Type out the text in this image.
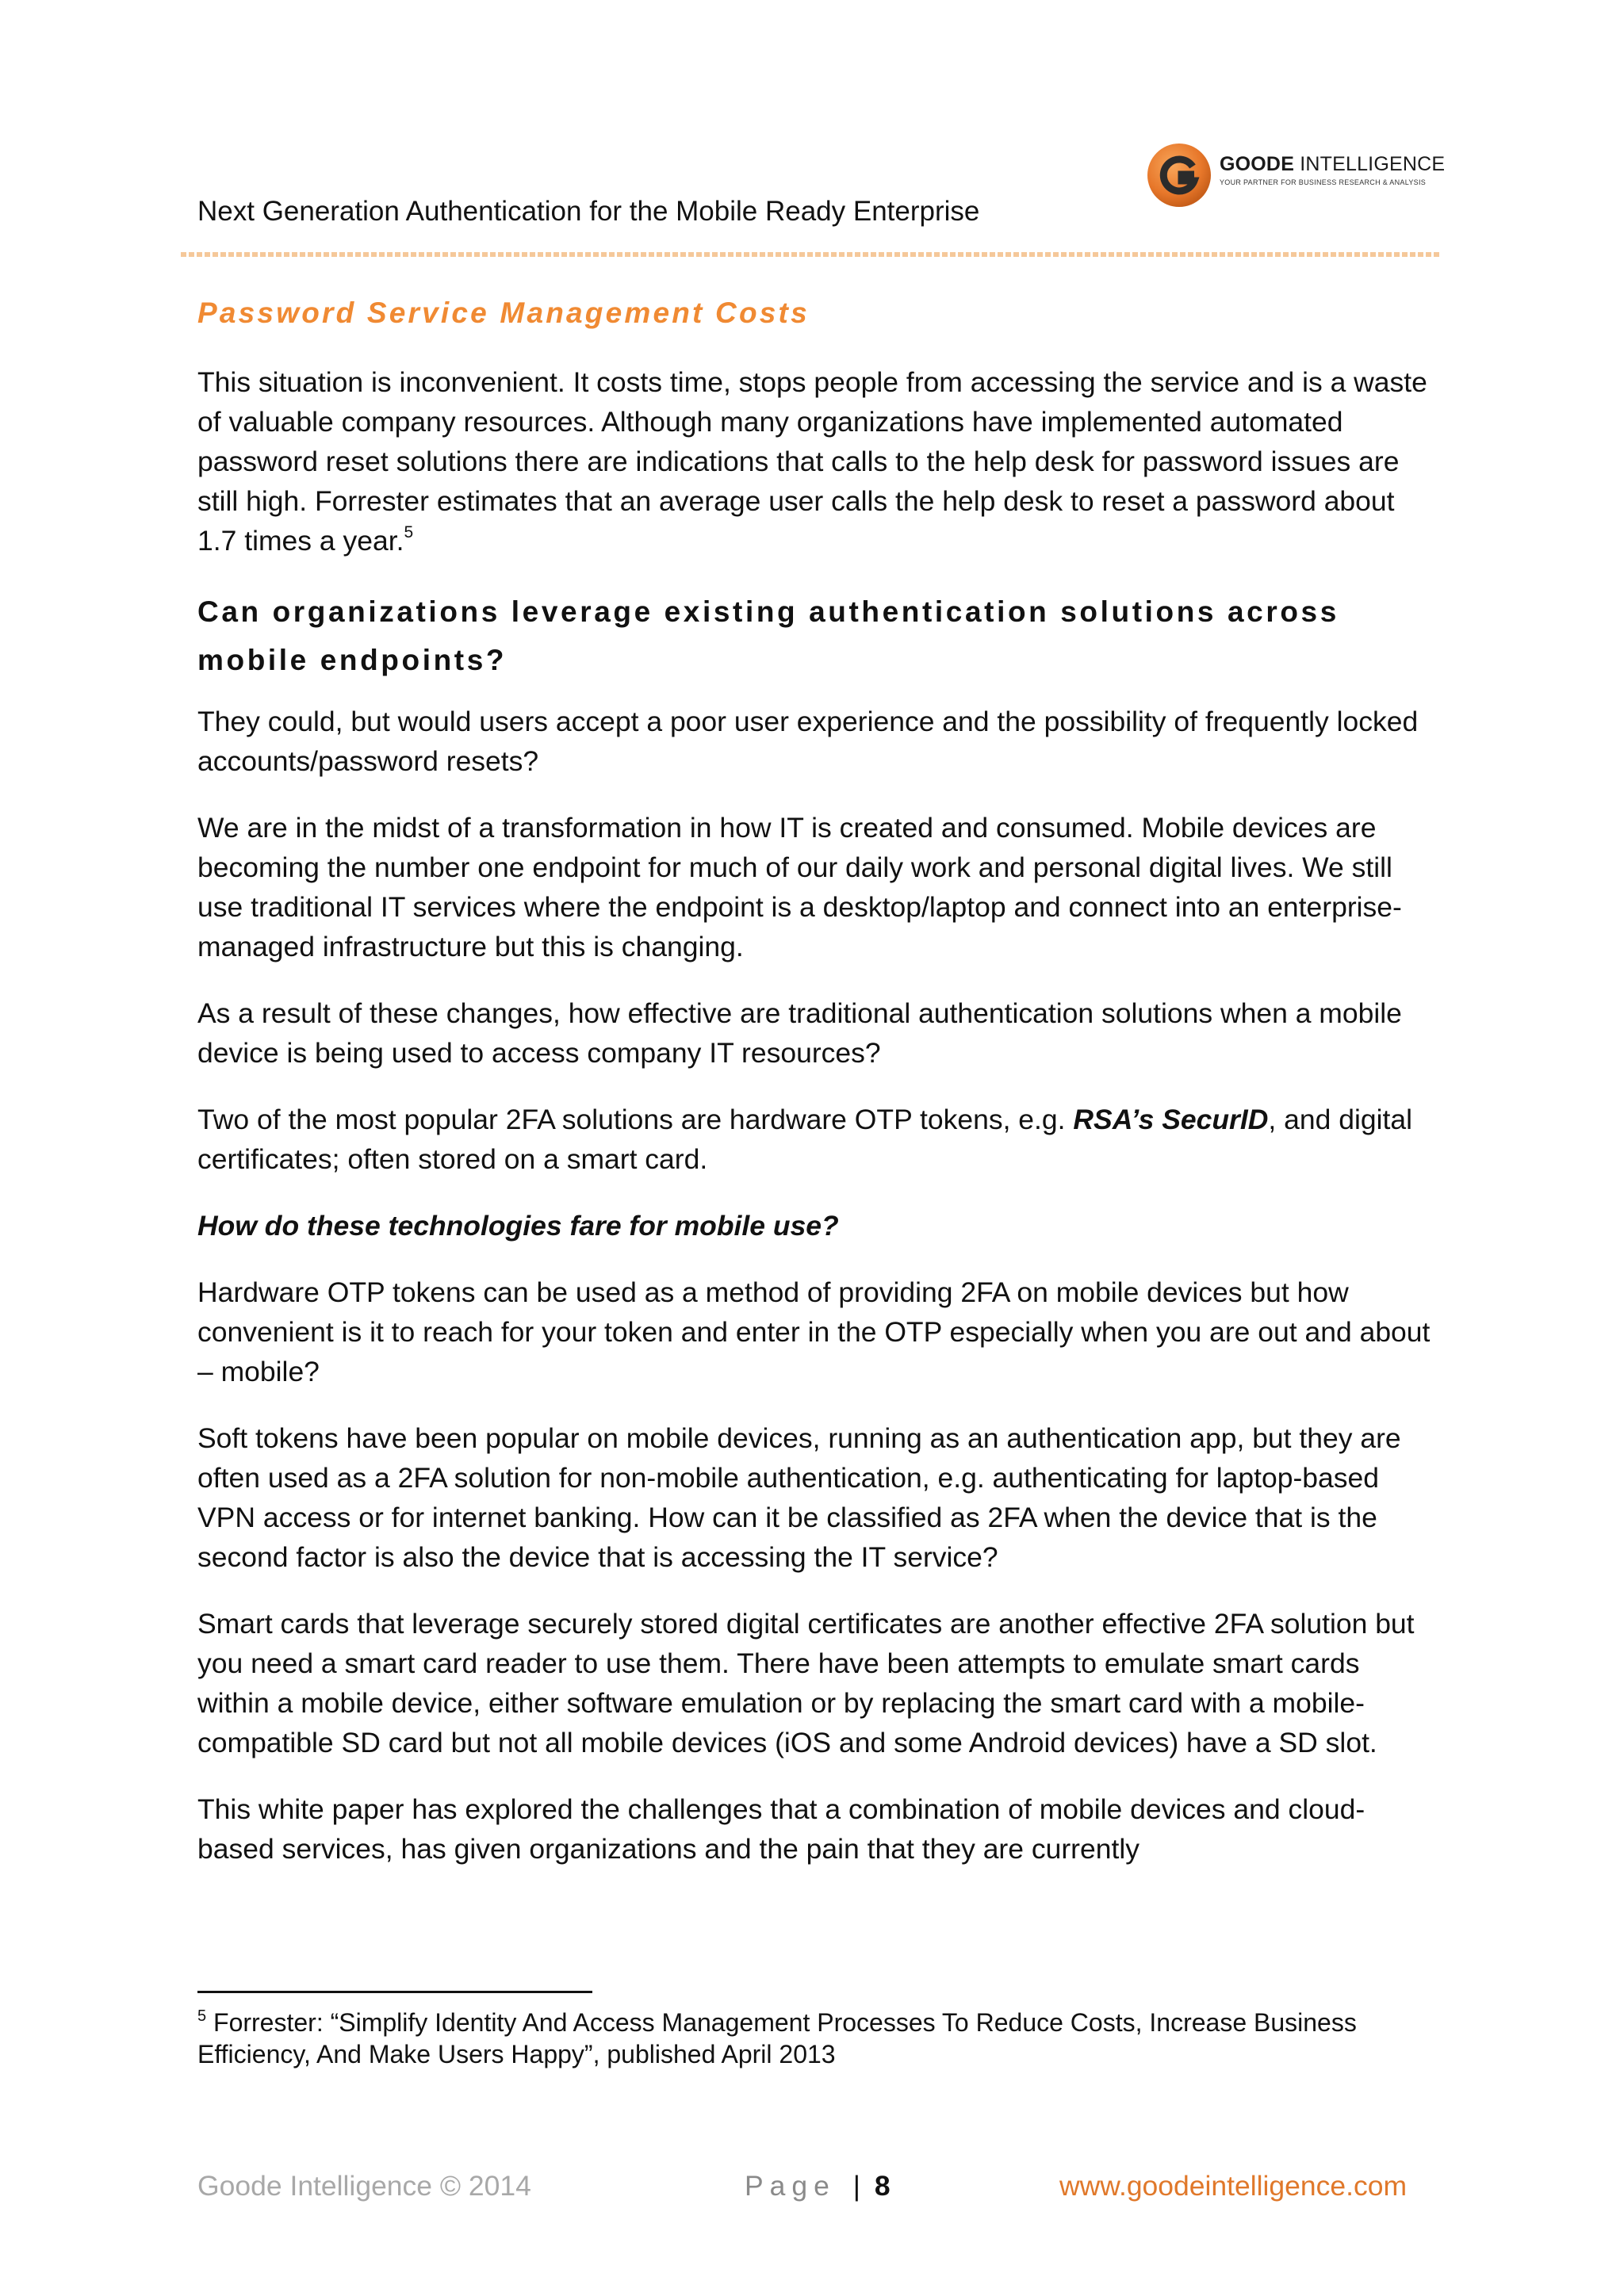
Next Generation Authentication for the Mobile Ready Enterprise
GOODE INTELLIGENCE
YOUR PARTNER FOR BUSINESS RESEARCH & ANALYSIS
Password Service Management Costs

This situation is inconvenient. It costs time, stops people from accessing the service and is a waste of valuable company resources. Although many organizations have implemented automated password reset solutions there are indications that calls to the help desk for password issues are still high. Forrester estimates that an average user calls the help desk to reset a password about 1.7 times a year.$^5$

Can organizations leverage existing authentication solutions across mobile endpoints?

They could, but would users accept a poor user experience and the possibility of frequently locked accounts/password resets?

We are in the midst of a transformation in how IT is created and consumed. Mobile devices are becoming the number one endpoint for much of our daily work and personal digital lives. We still use traditional IT services where the endpoint is a desktop/laptop and connect into an enterprise-managed infrastructure but this is changing.

As a result of these changes, how effective are traditional authentication solutions when a mobile device is being used to access company IT resources?

Two of the most popular 2FA solutions are hardware OTP tokens, e.g. RSA’s SecurID, and digital certificates; often stored on a smart card.

How do these technologies fare for mobile use?

Hardware OTP tokens can be used as a method of providing 2FA on mobile devices but how convenient is it to reach for your token and enter in the OTP especially when you are out and about – mobile?

Soft tokens have been popular on mobile devices, running as an authentication app, but they are often used as a 2FA solution for non-mobile authentication, e.g. authenticating for laptop-based VPN access or for internet banking. How can it be classified as 2FA when the device that is the second factor is also the device that is accessing the IT service?

Smart cards that leverage securely stored digital certificates are another effective 2FA solution but you need a smart card reader to use them. There have been attempts to emulate smart cards within a mobile device, either software emulation or by replacing the smart card with a mobile-compatible SD card but not all mobile devices (iOS and some Android devices) have a SD slot.

This white paper has explored the challenges that a combination of mobile devices and cloud-based services, has given organizations and the pain that they are currently

$^5$ Forrester: “Simplify Identity And Access Management Processes To Reduce Costs, Increase Business Efficiency, And Make Users Happy”, published April 2013
Goode Intelligence © 2014	Page | 8	www.goodeintelligence.com
